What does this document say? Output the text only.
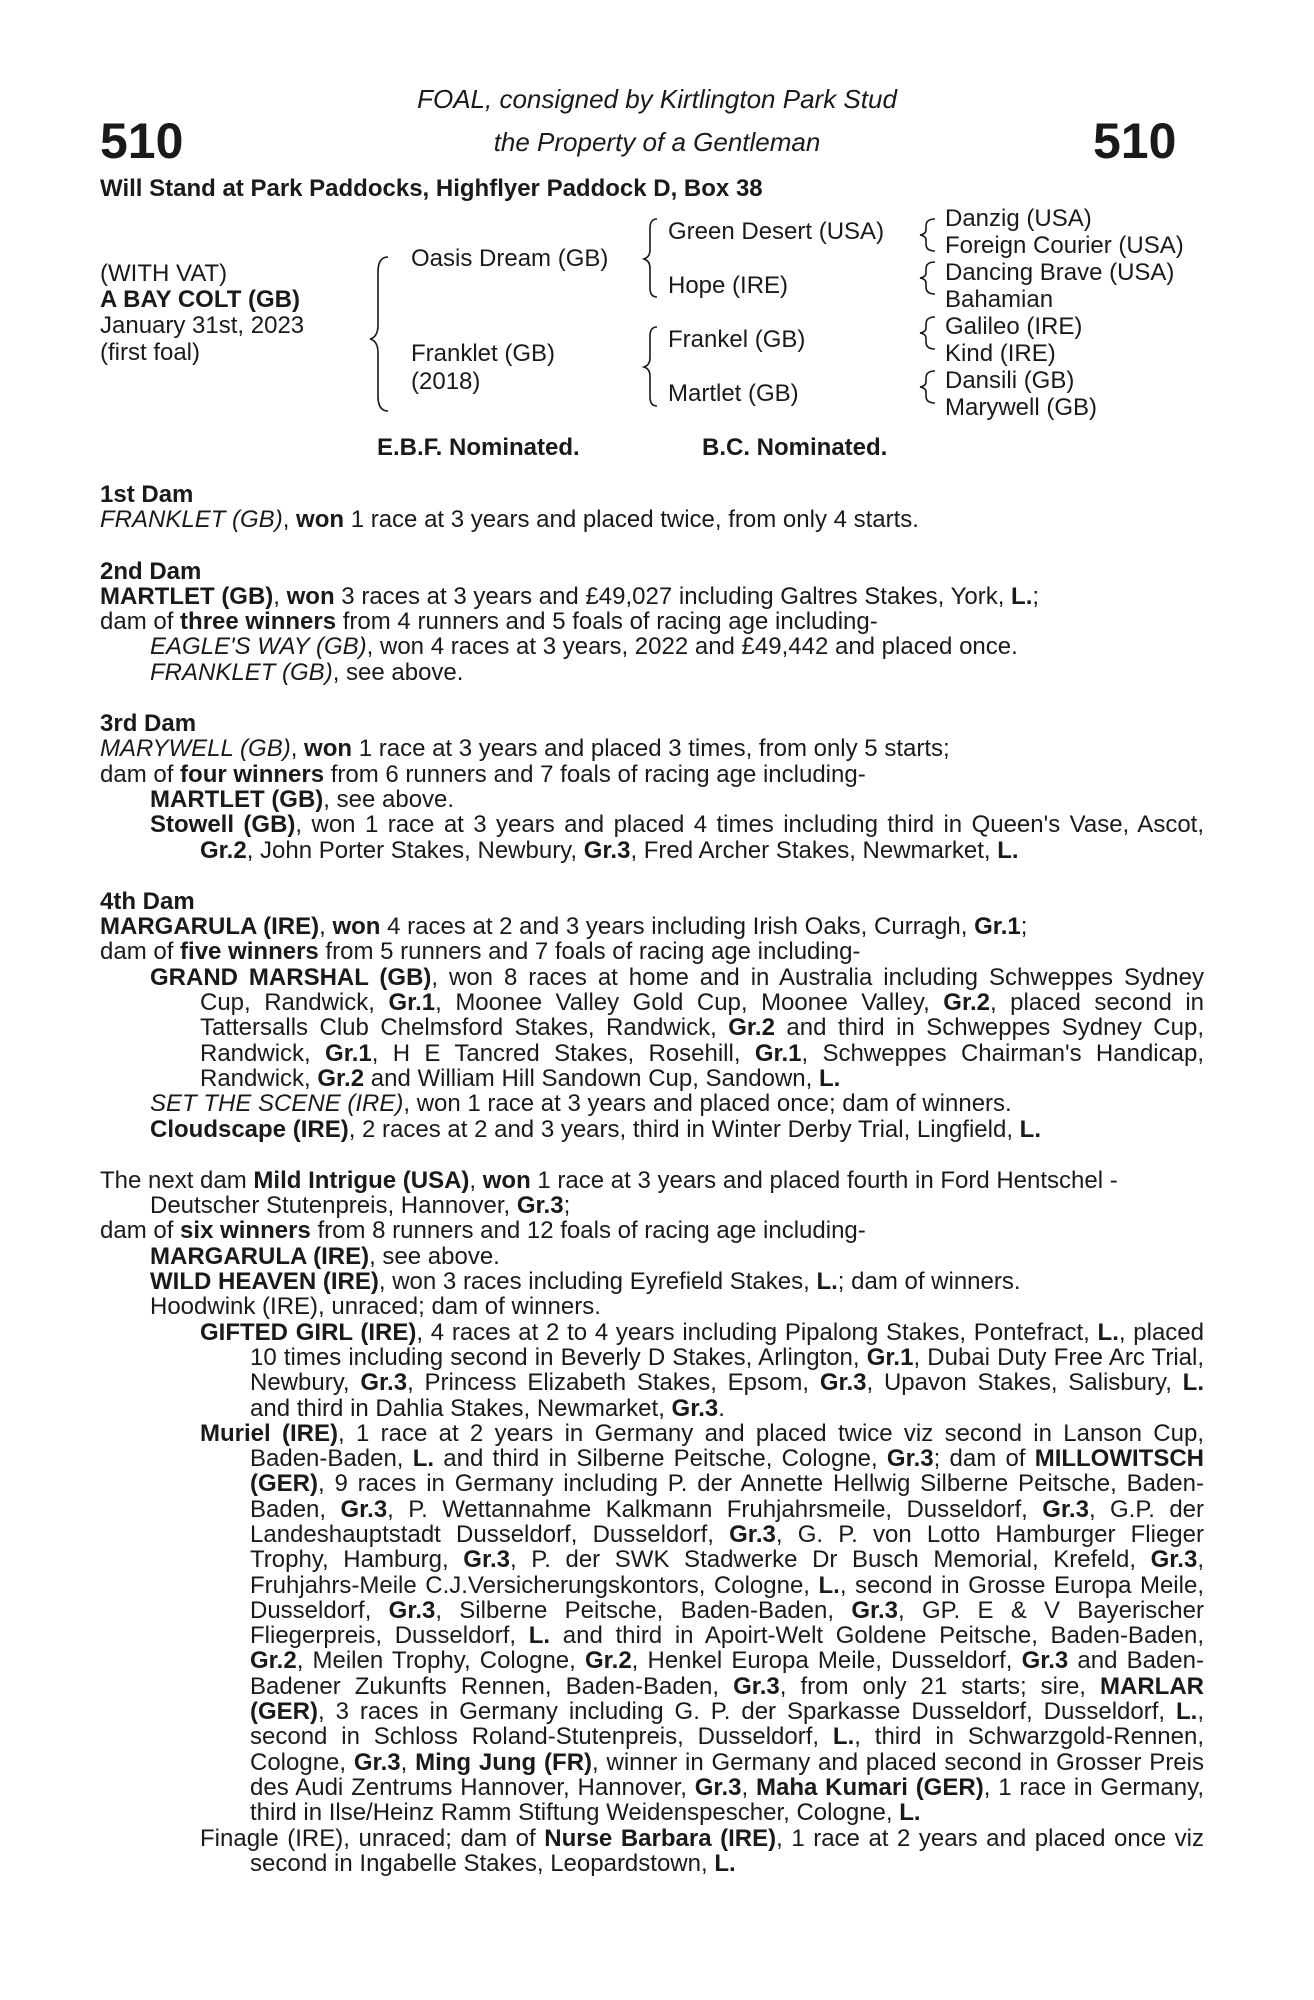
510	510
FOAL, consigned by Kirtlington Park Stud
the Property of a Gentleman
Will Stand at Park Paddocks, Highflyer Paddock D, Box 38
(WITH VAT)
A BAY COLT (GB)
January 31st, 2023
(first foal)
Oasis Dream (GB)
Franklet (GB)
(2018)
Green Desert (USA)
Hope (IRE)
Frankel (GB)
Martlet (GB)
Danzig (USA)
Foreign Courier (USA)
Dancing Brave (USA)
Bahamian
Galileo (IRE)
Kind (IRE)
Dansili (GB)
Marywell (GB)
E.B.F. Nominated.	B.C. Nominated.
1st Dam
FRANKLET (GB), won 1 race at 3 years and placed twice, from only 4 starts.
2nd Dam
MARTLET (GB), won 3 races at 3 years and £49,027 including Galtres Stakes, York, L.;
dam of three winners from 4 runners and 5 foals of racing age including-
EAGLE'S WAY (GB), won 4 races at 3 years, 2022 and £49,442 and placed once.
FRANKLET (GB), see above.
3rd Dam
MARYWELL (GB), won 1 race at 3 years and placed 3 times, from only 5 starts;
dam of four winners from 6 runners and 7 foals of racing age including-
MARTLET (GB), see above.
Stowell (GB), won 1 race at 3 years and placed 4 times including third in Queen's Vase, Ascot, Gr.2, John Porter Stakes, Newbury, Gr.3, Fred Archer Stakes, Newmarket, L.
4th Dam
MARGARULA (IRE), won 4 races at 2 and 3 years including Irish Oaks, Curragh, Gr.1;
dam of five winners from 5 runners and 7 foals of racing age including-
GRAND MARSHAL (GB), won 8 races at home and in Australia including Schweppes Sydney Cup, Randwick, Gr.1, Moonee Valley Gold Cup, Moonee Valley, Gr.2, placed second in Tattersalls Club Chelmsford Stakes, Randwick, Gr.2 and third in Schweppes Sydney Cup, Randwick, Gr.1, H E Tancred Stakes, Rosehill, Gr.1, Schweppes Chairman's Handicap, Randwick, Gr.2 and William Hill Sandown Cup, Sandown, L.
SET THE SCENE (IRE), won 1 race at 3 years and placed once; dam of winners.
Cloudscape (IRE), 2 races at 2 and 3 years, third in Winter Derby Trial, Lingfield, L.
The next dam Mild Intrigue (USA), won 1 race at 3 years and placed fourth in Ford Hentschel - Deutscher Stutenpreis, Hannover, Gr.3;
dam of six winners from 8 runners and 12 foals of racing age including-
MARGARULA (IRE), see above.
WILD HEAVEN (IRE), won 3 races including Eyrefield Stakes, L.; dam of winners.
Hoodwink (IRE), unraced; dam of winners.
GIFTED GIRL (IRE), 4 races at 2 to 4 years including Pipalong Stakes, Pontefract, L., placed 10 times including second in Beverly D Stakes, Arlington, Gr.1, Dubai Duty Free Arc Trial, Newbury, Gr.3, Princess Elizabeth Stakes, Epsom, Gr.3, Upavon Stakes, Salisbury, L. and third in Dahlia Stakes, Newmarket, Gr.3.
Muriel (IRE), 1 race at 2 years in Germany and placed twice viz second in Lanson Cup, Baden-Baden, L. and third in Silberne Peitsche, Cologne, Gr.3; dam of MILLOWITSCH (GER), 9 races in Germany including P. der Annette Hellwig Silberne Peitsche, Baden-Baden, Gr.3, P. Wettannahme Kalkmann Fruhjahrsmeile, Dusseldorf, Gr.3, G.P. der Landeshauptstadt Dusseldorf, Dusseldorf, Gr.3, G. P. von Lotto Hamburger Flieger Trophy, Hamburg, Gr.3, P. der SWK Stadwerke Dr Busch Memorial, Krefeld, Gr.3, Fruhjahrs-Meile C.J.Versicherungskontors, Cologne, L., second in Grosse Europa Meile, Dusseldorf, Gr.3, Silberne Peitsche, Baden-Baden, Gr.3, GP. E & V Bayerischer Fliegerpreis, Dusseldorf, L. and third in Apoirt-Welt Goldene Peitsche, Baden-Baden, Gr.2, Meilen Trophy, Cologne, Gr.2, Henkel Europa Meile, Dusseldorf, Gr.3 and Baden-Badener Zukunfts Rennen, Baden-Baden, Gr.3, from only 21 starts; sire, MARLAR (GER), 3 races in Germany including G. P. der Sparkasse Dusseldorf, Dusseldorf, L., second in Schloss Roland-Stutenpreis, Dusseldorf, L., third in Schwarzgold-Rennen, Cologne, Gr.3, Ming Jung (FR), winner in Germany and placed second in Grosser Preis des Audi Zentrums Hannover, Hannover, Gr.3, Maha Kumari (GER), 1 race in Germany, third in Ilse/Heinz Ramm Stiftung Weidenspescher, Cologne, L.
Finagle (IRE), unraced; dam of Nurse Barbara (IRE), 1 race at 2 years and placed once viz second in Ingabelle Stakes, Leopardstown, L.
